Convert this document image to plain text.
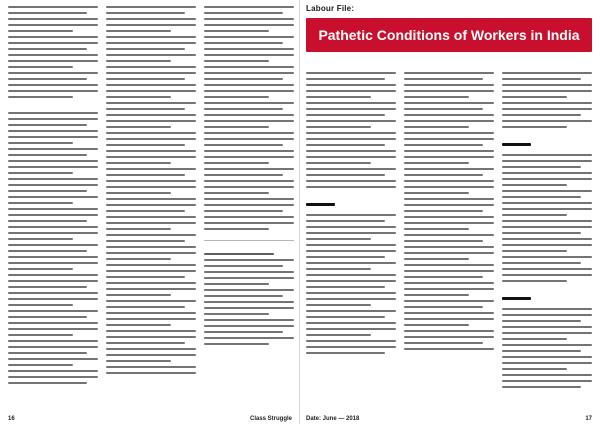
16	Class Struggle
Labour File:
Pathetic Conditions of Workers in India
Date: June — 2018	17
